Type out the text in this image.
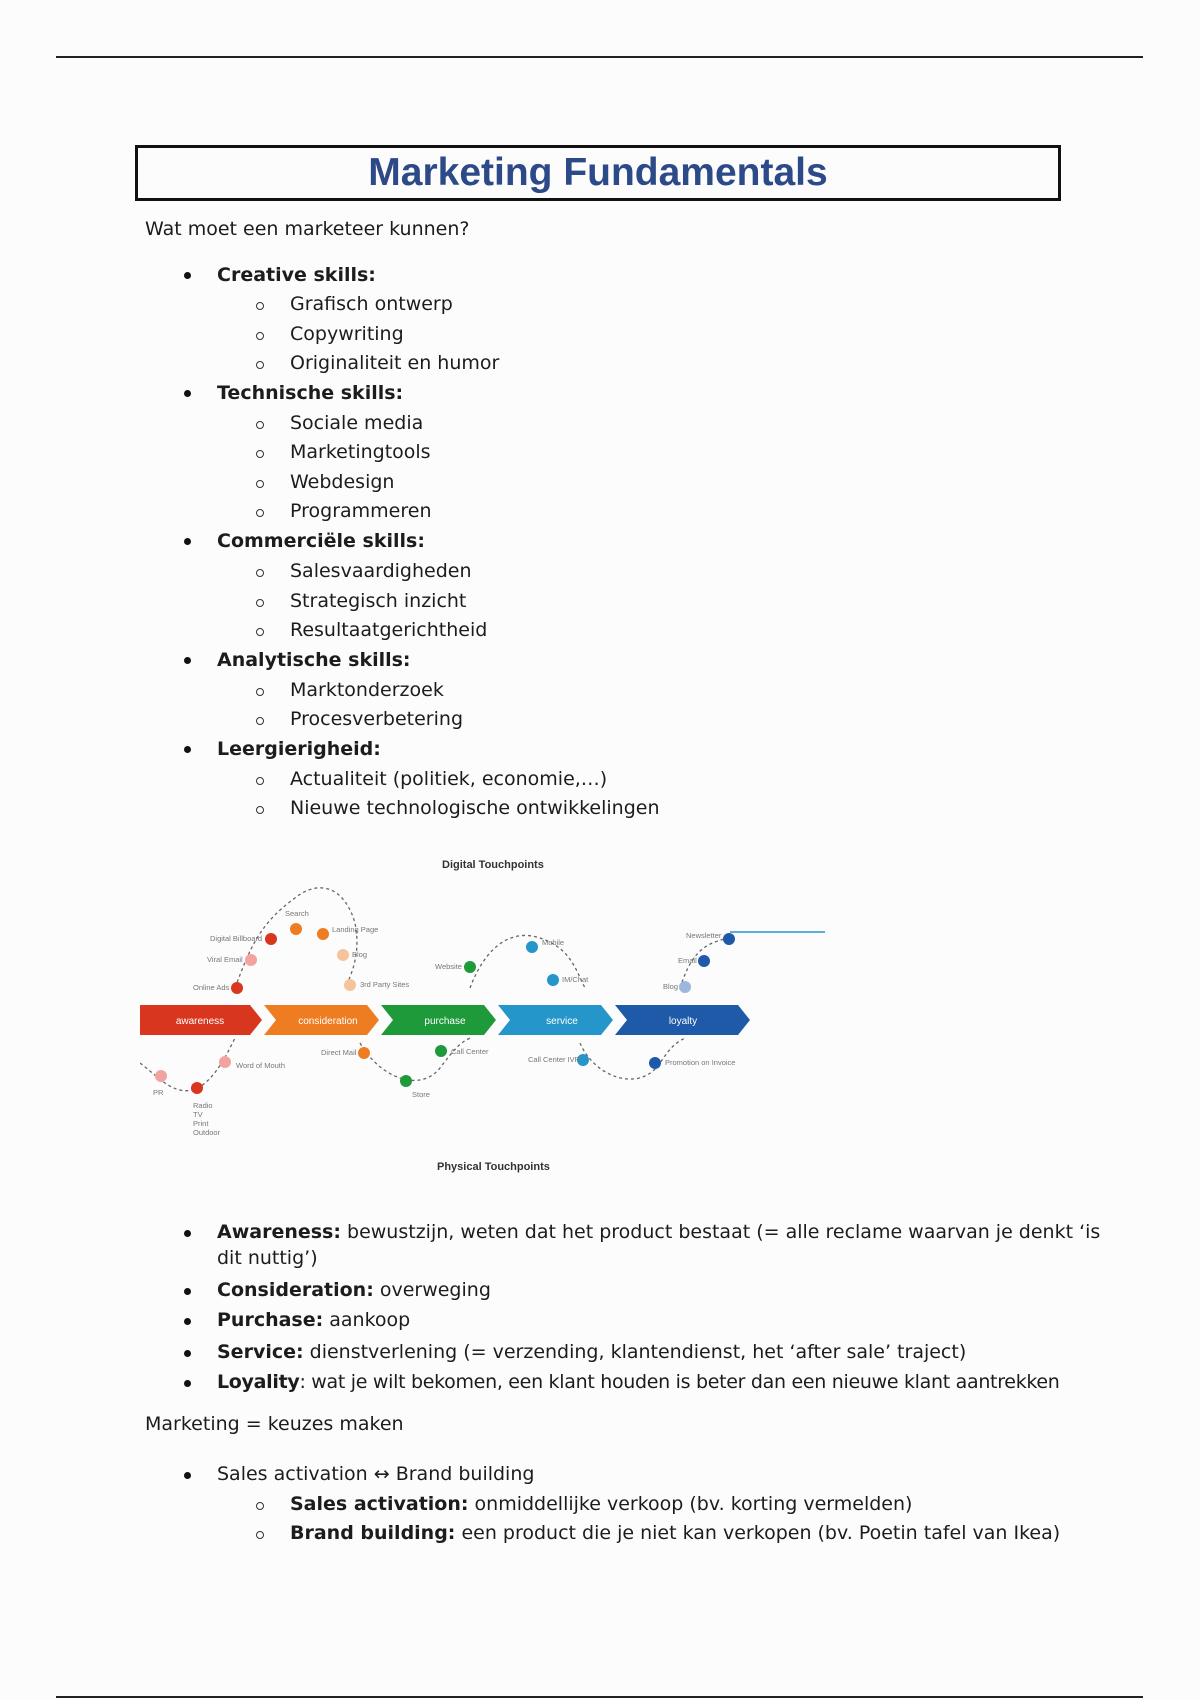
Marketing Fundamentals
Wat moet een marketeer kunnen?
Creative skills:
Grafisch ontwerp
Copywriting
Originaliteit en humor
Technische skills:
Sociale media
Marketingtools
Webdesign
Programmeren
Commerciële skills:
Salesvaardigheden
Strategisch inzicht
Resultaatgerichtheid
Analytische skills:
Marktonderzoek
Procesverbetering
Leergierigheid:
Actualiteit (politiek, economie,…)
Nieuwe technologische ontwikkelingen
Digital Touchpoints
Physical Touchpoints
awareness	consideration	purchase	service	loyalty
Online Ads
Viral Email
Digital Billboard
Search
Landing Page
Blog
3rd Party Sites
Website
Mobile
IM/Chat
Blog
Email
Newsletter
PR
Radio
TV
Print
Outdoor
Word of Mouth
Direct Mail
Store
Call Center
Call Center IVR	Promotion on Invoice
Awareness: bewustzijn, weten dat het product bestaat (= alle reclame waarvan je denkt ‘is
dit nuttig’)
Consideration: overweging
Purchase: aankoop
Service: dienstverlening (= verzending, klantendienst, het ‘after sale’ traject)
Loyality: wat je wilt bekomen, een klant houden is beter dan een nieuwe klant aantrekken
Marketing = keuzes maken
Sales activation ↔ Brand building
Sales activation: onmiddellijke verkoop (bv. korting vermelden)
Brand building: een product die je niet kan verkopen (bv. Poetin tafel van Ikea)
